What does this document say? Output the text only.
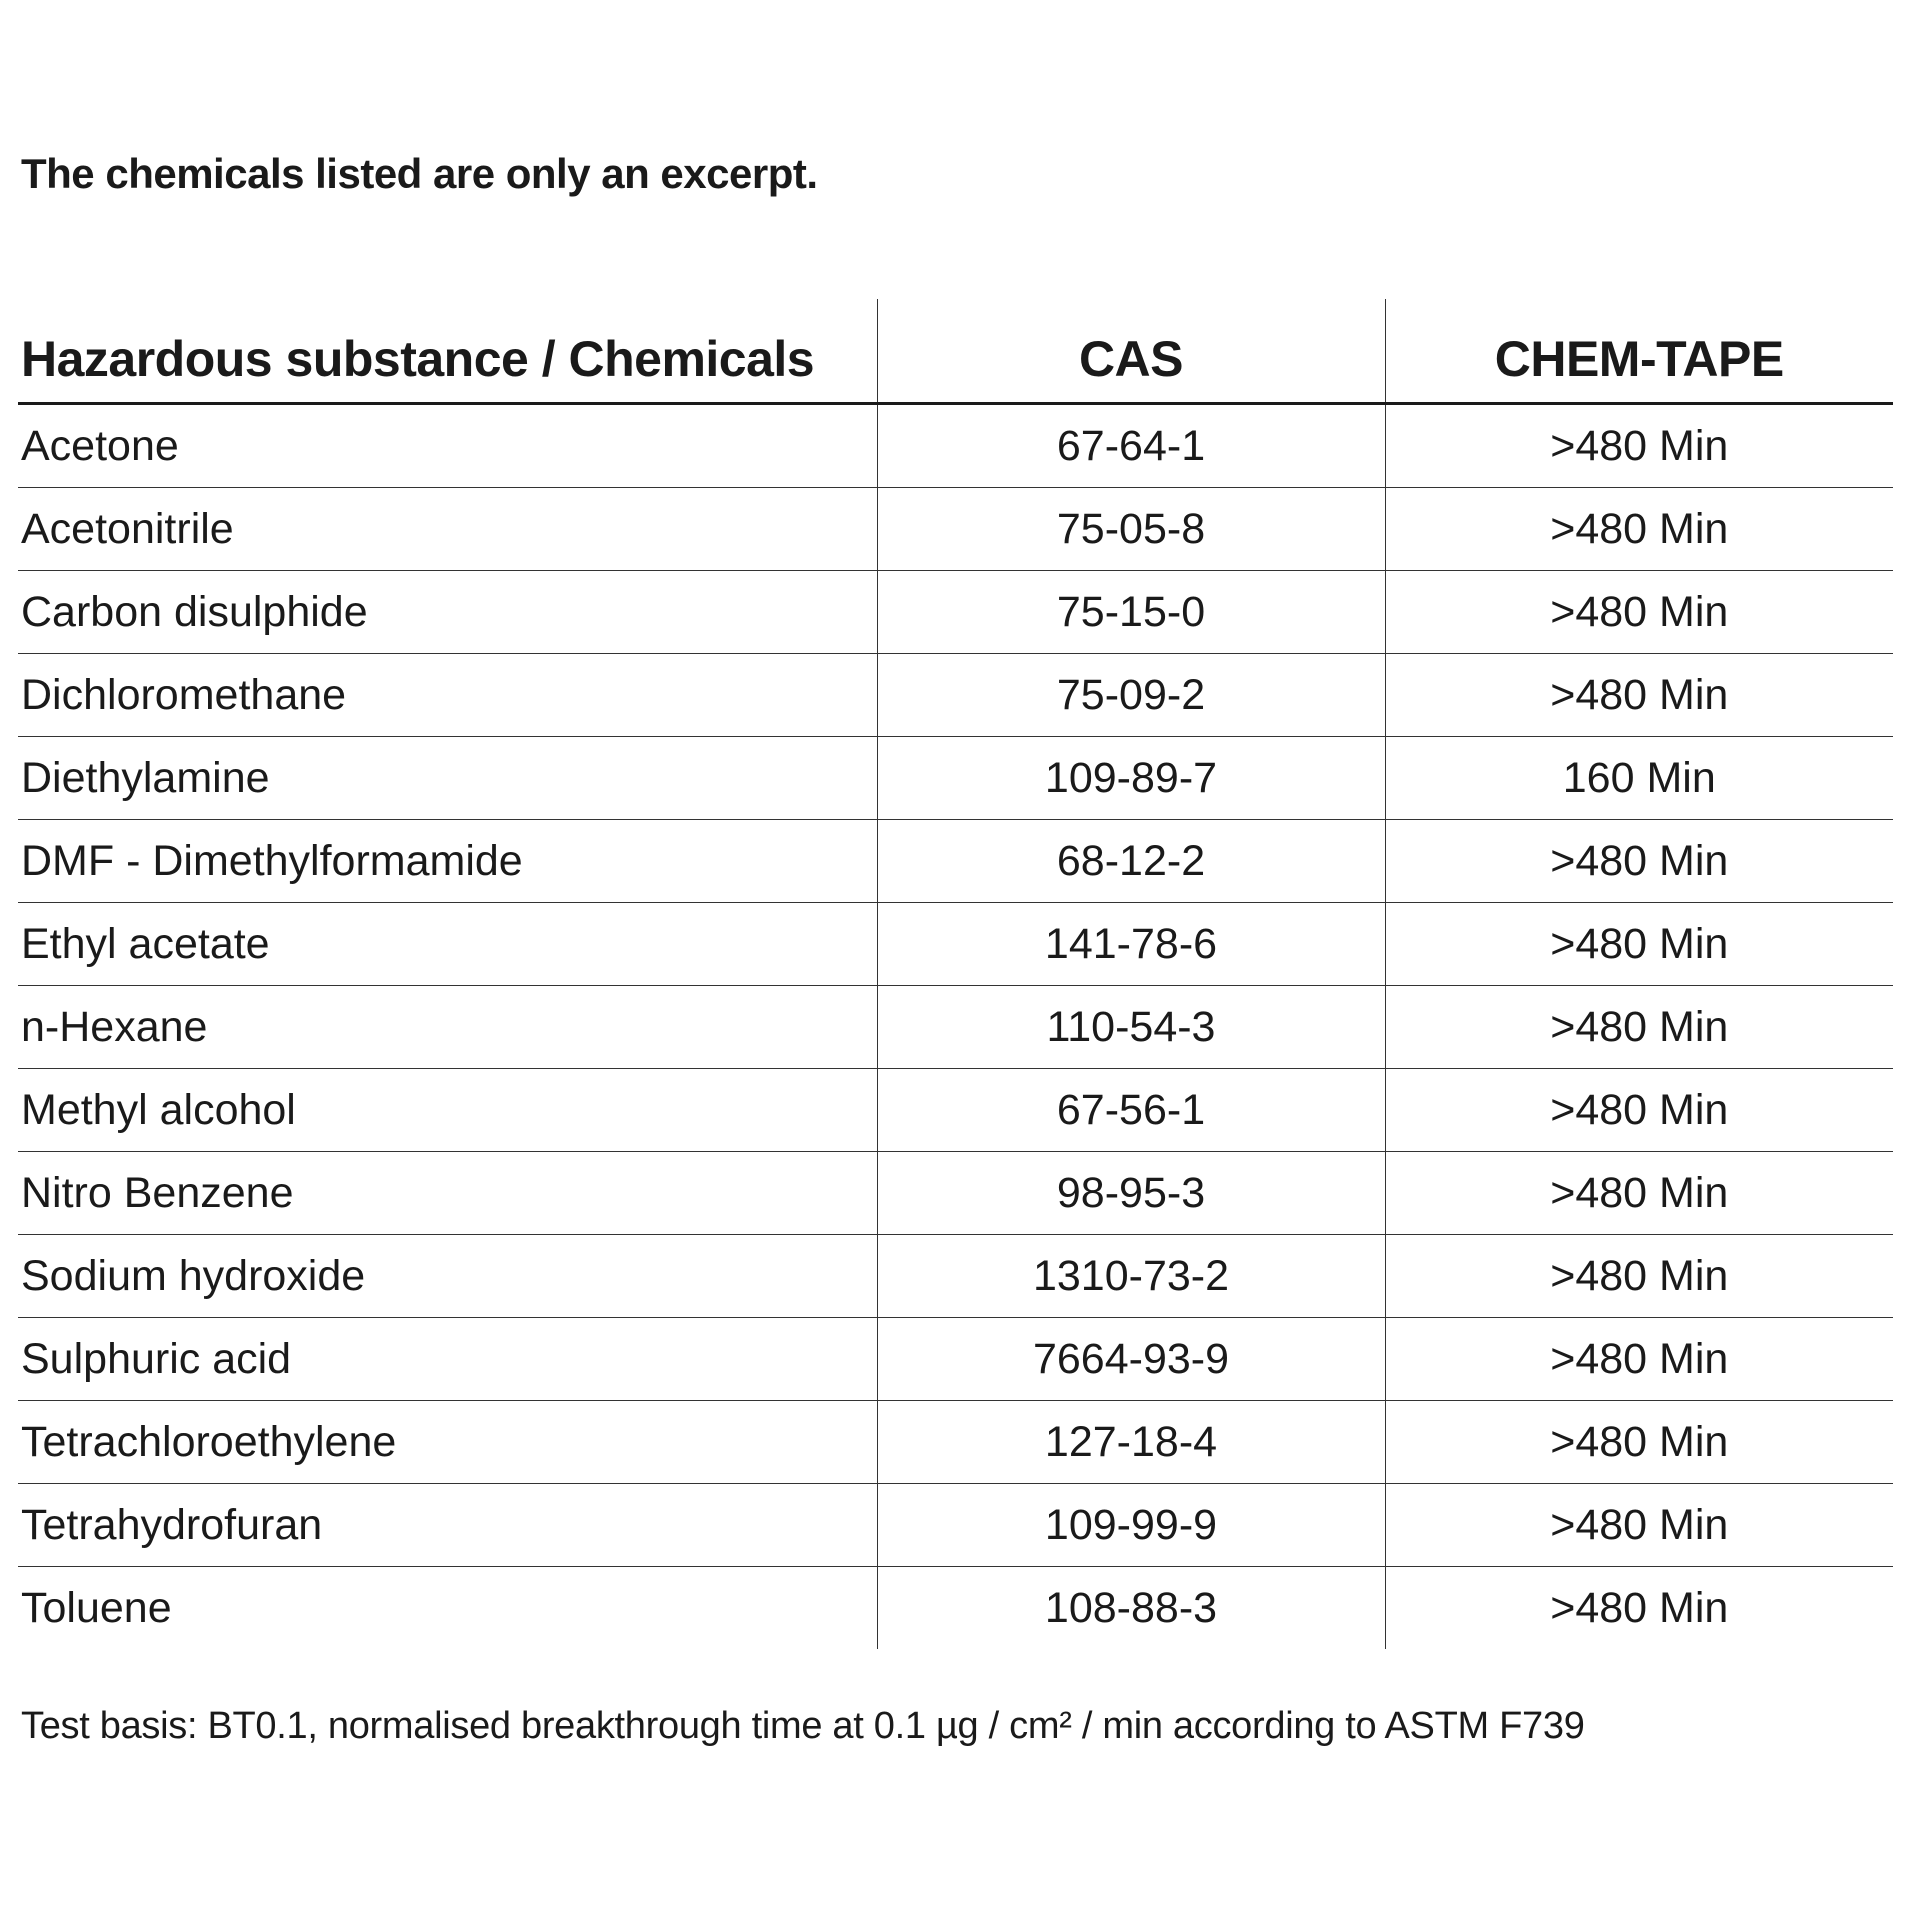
The chemicals listed are only an excerpt.
Hazardous substance / Chemicals	CAS	CHEM-TAPE
Acetone	67-64-1	>480 Min
Acetonitrile	75-05-8	>480 Min
Carbon disulphide	75-15-0	>480 Min
Dichloromethane	75-09-2	>480 Min
Diethylamine	109-89-7	160 Min
DMF - Dimethylformamide	68-12-2	>480 Min
Ethyl acetate	141-78-6	>480 Min
n-Hexane	110-54-3	>480 Min
Methyl alcohol	67-56-1	>480 Min
Nitro Benzene	98-95-3	>480 Min
Sodium hydroxide	1310-73-2	>480 Min
Sulphuric acid	7664-93-9	>480 Min
Tetrachloroethylene	127-18-4	>480 Min
Tetrahydrofuran	109-99-9	>480 Min
Toluene	108-88-3	>480 Min
Test basis: BT0.1, normalised breakthrough time at 0.1 µg / cm² / min according to ASTM F739
